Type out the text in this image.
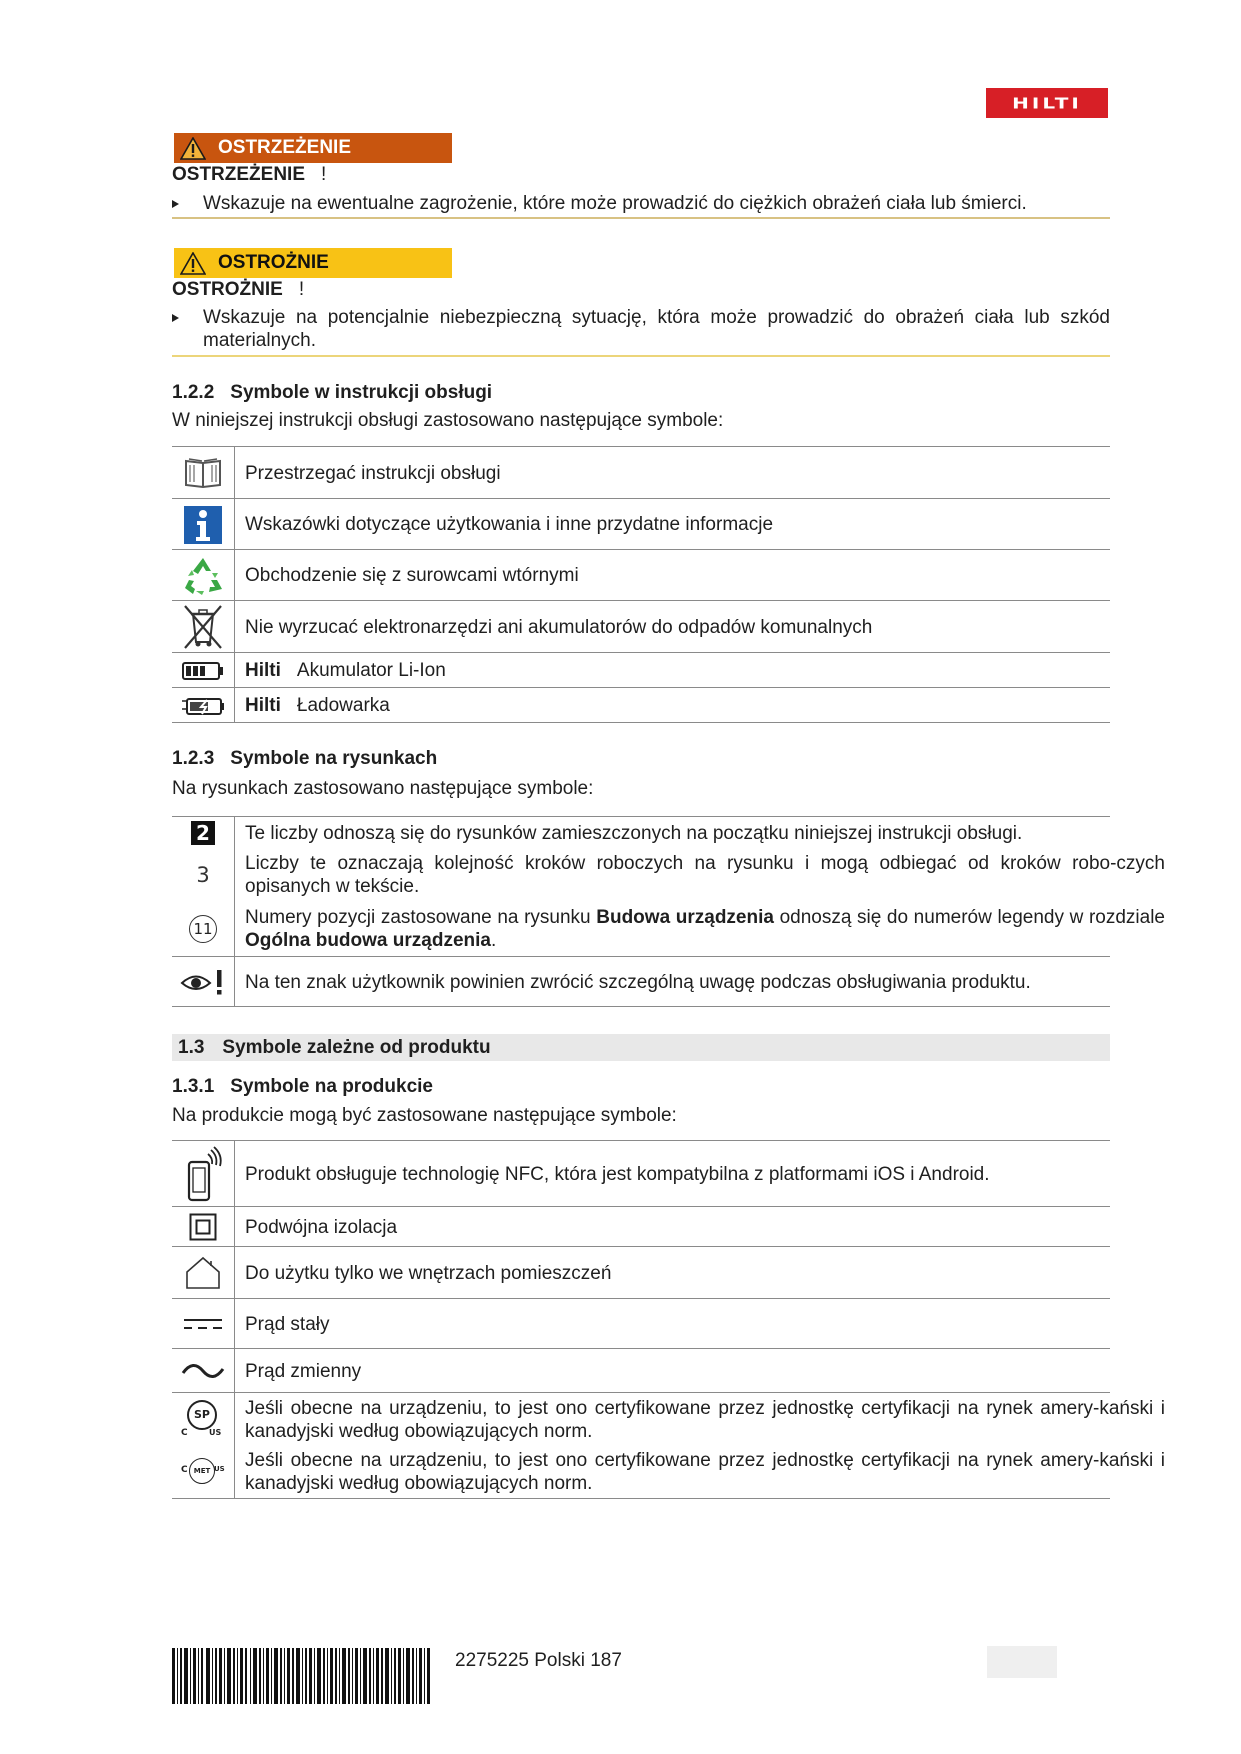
HILTI
OSTRZEŻENIE
OSTRZEŻENIE !
Wskazuje na ewentualne zagrożenie, które może prowadzić do ciężkich obrażeń ciała lub śmierci.
OSTROŻNIE
OSTROŻNIE !
Wskazuje na potencjalnie niebezpieczną sytuację, która może prowadzić do obrażeń ciała lub szkód materialnych.
1.2.2 Symbole w instrukcji obsługi
W niniejszej instrukcji obsługi zastosowano następujące symbole:
Przestrzegać instrukcji obsługi
Wskazówki dotyczące użytkowania i inne przydatne informacje
Obchodzenie się z surowcami wtórnymi
Nie wyrzucać elektronarzędzi ani akumulatorów do odpadów komunalnych
Hilti Akumulator Li-Ion
Hilti Ładowarka
1.2.3 Symbole na rysunkach
Na rysunkach zastosowano następujące symbole:
2 Te liczby odnoszą się do rysunków zamieszczonych na początku niniejszej instrukcji obsługi.
3 Liczby te oznaczają kolejność kroków roboczych na rysunku i mogą odbiegać od kroków robo-czych opisanych w tekście.
11
Numery pozycji zastosowane na rysunku Budowa urządzenia odnoszą się do numerów legendy w rozdziale Ogólna budowa urządzenia.
Na ten znak użytkownik powinien zwrócić szczególną uwagę podczas obsługiwania produktu.
1.3 Symbole zależne od produktu
1.3.1 Symbole na produkcie
Na produkcie mogą być zastosowane następujące symbole:
Produkt obsługuje technologię NFC, która jest kompatybilna z platformami iOS i Android.
Podwójna izolacja
Do użytku tylko we wnętrzach pomieszczeń
Prąd stały
Prąd zmienny
SP
C	US
Jeśli obecne na urządzeniu, to jest ono certyfikowane przez jednostkę certyfikacji na rynek amery-kański i kanadyjski według obowiązujących norm.
C MET US Jeśli obecne na urządzeniu, to jest ono certyfikowane przez jednostkę certyfikacji na rynek amery-kański i kanadyjski według obowiązujących norm.
2275225 Polski 187
